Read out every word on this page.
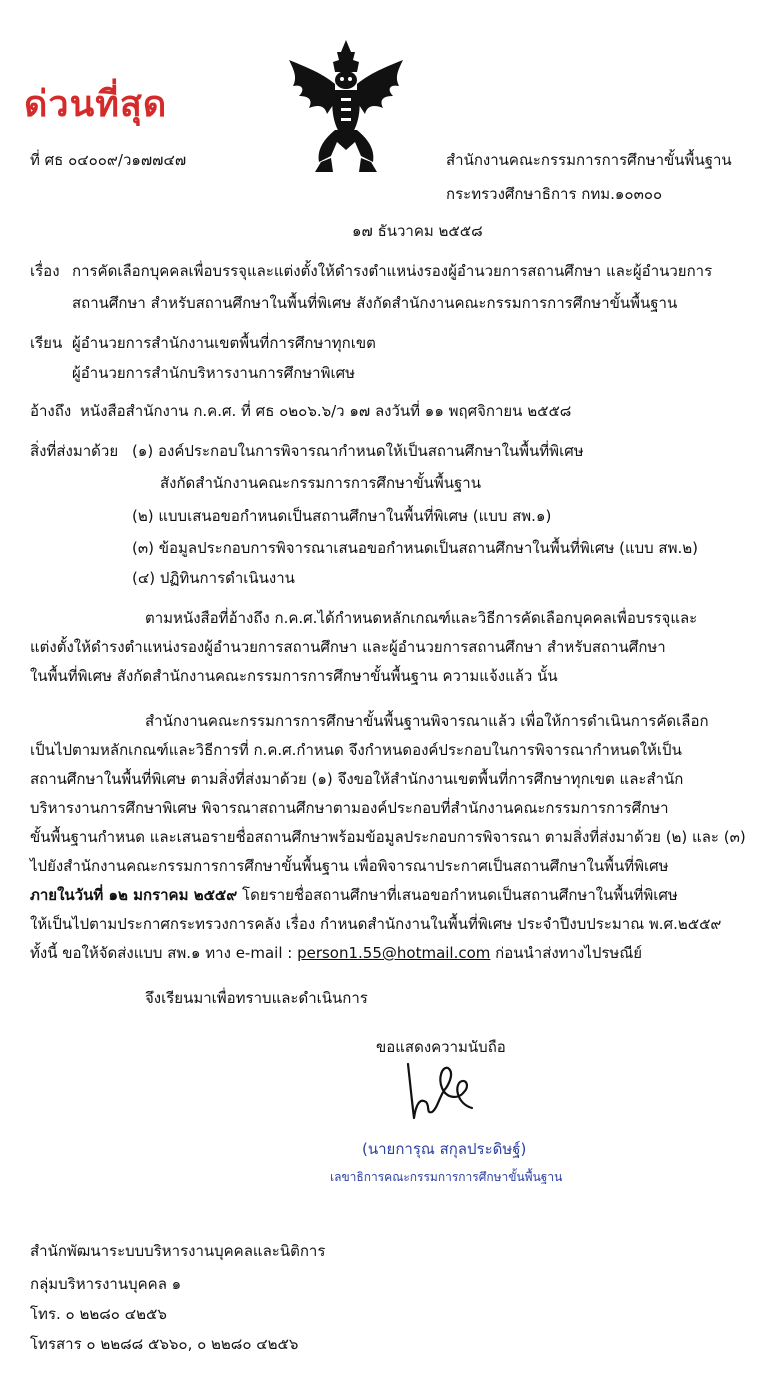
ด่วนที่สุด
ที่ ศธ ๐๔๐๐๙/ว๑๗๗๔๗	สำนักงานคณะกรรมการการศึกษาขั้นพื้นฐาน
กระทรวงศึกษาธิการ กทม.๑๐๓๐๐
๑๗ ธันวาคม ๒๕๕๘
เรื่อง การคัดเลือกบุคคลเพื่อบรรจุและแต่งตั้งให้ดำรงตำแหน่งรองผู้อำนวยการสถานศึกษา และผู้อำนวยการ
สถานศึกษา สำหรับสถานศึกษาในพื้นที่พิเศษ สังกัดสำนักงานคณะกรรมการการศึกษาขั้นพื้นฐาน
เรียน ผู้อำนวยการสำนักงานเขตพื้นที่การศึกษาทุกเขต
ผู้อำนวยการสำนักบริหารงานการศึกษาพิเศษ
อ้างถึง หนังสือสำนักงาน ก.ค.ศ. ที่ ศธ ๐๒๐๖.๖/ว ๑๗ ลงวันที่ ๑๑ พฤศจิกายน ๒๕๕๘
สิ่งที่ส่งมาด้วย (๑) องค์ประกอบในการพิจารณากำหนดให้เป็นสถานศึกษาในพื้นที่พิเศษ
สังกัดสำนักงานคณะกรรมการการศึกษาขั้นพื้นฐาน
(๒) แบบเสนอขอกำหนดเป็นสถานศึกษาในพื้นที่พิเศษ (แบบ สพ.๑)
(๓) ข้อมูลประกอบการพิจารณาเสนอขอกำหนดเป็นสถานศึกษาในพื้นที่พิเศษ (แบบ สพ.๒)
(๔) ปฏิทินการดำเนินงาน
ตามหนังสือที่อ้างถึง ก.ค.ศ.ได้กำหนดหลักเกณฑ์และวิธีการคัดเลือกบุคคลเพื่อบรรจุและ
แต่งตั้งให้ดำรงตำแหน่งรองผู้อำนวยการสถานศึกษา และผู้อำนวยการสถานศึกษา สำหรับสถานศึกษา
ในพื้นที่พิเศษ สังกัดสำนักงานคณะกรรมการการศึกษาขั้นพื้นฐาน ความแจ้งแล้ว นั้น
สำนักงานคณะกรรมการการศึกษาขั้นพื้นฐานพิจารณาแล้ว เพื่อให้การดำเนินการคัดเลือก
เป็นไปตามหลักเกณฑ์และวิธีการที่ ก.ค.ศ.กำหนด จึงกำหนดองค์ประกอบในการพิจารณากำหนดให้เป็น
สถานศึกษาในพื้นที่พิเศษ ตามสิ่งที่ส่งมาด้วย (๑) จึงขอให้สำนักงานเขตพื้นที่การศึกษาทุกเขต และสำนัก
บริหารงานการศึกษาพิเศษ พิจารณาสถานศึกษาตามองค์ประกอบที่สำนักงานคณะกรรมการการศึกษา
ขั้นพื้นฐานกำหนด และเสนอรายชื่อสถานศึกษาพร้อมข้อมูลประกอบการพิจารณา ตามสิ่งที่ส่งมาด้วย (๒) และ (๓)
ไปยังสำนักงานคณะกรรมการการศึกษาขั้นพื้นฐาน เพื่อพิจารณาประกาศเป็นสถานศึกษาในพื้นที่พิเศษ
ภายในวันที่ ๑๒ มกราคม ๒๕๕๙ โดยรายชื่อสถานศึกษาที่เสนอขอกำหนดเป็นสถานศึกษาในพื้นที่พิเศษ
ให้เป็นไปตามประกาศกระทรวงการคลัง เรื่อง กำหนดสำนักงานในพื้นที่พิเศษ ประจำปีงบประมาณ พ.ศ.๒๕๕๙
ทั้งนี้ ขอให้จัดส่งแบบ สพ.๑ ทาง e-mail : person1.55@hotmail.com ก่อนนำส่งทางไปรษณีย์
จึงเรียนมาเพื่อทราบและดำเนินการ
ขอแสดงความนับถือ
(นายการุณ สกุลประดิษฐ์)
เลขาธิการคณะกรรมการการศึกษาขั้นพื้นฐาน
สำนักพัฒนาระบบบริหารงานบุคคลและนิติการ
กลุ่มบริหารงานบุคคล ๑
โทร. ๐ ๒๒๘๐ ๔๒๕๖
โทรสาร ๐ ๒๒๘๘ ๕๖๖๐, ๐ ๒๒๘๐ ๔๒๕๖
